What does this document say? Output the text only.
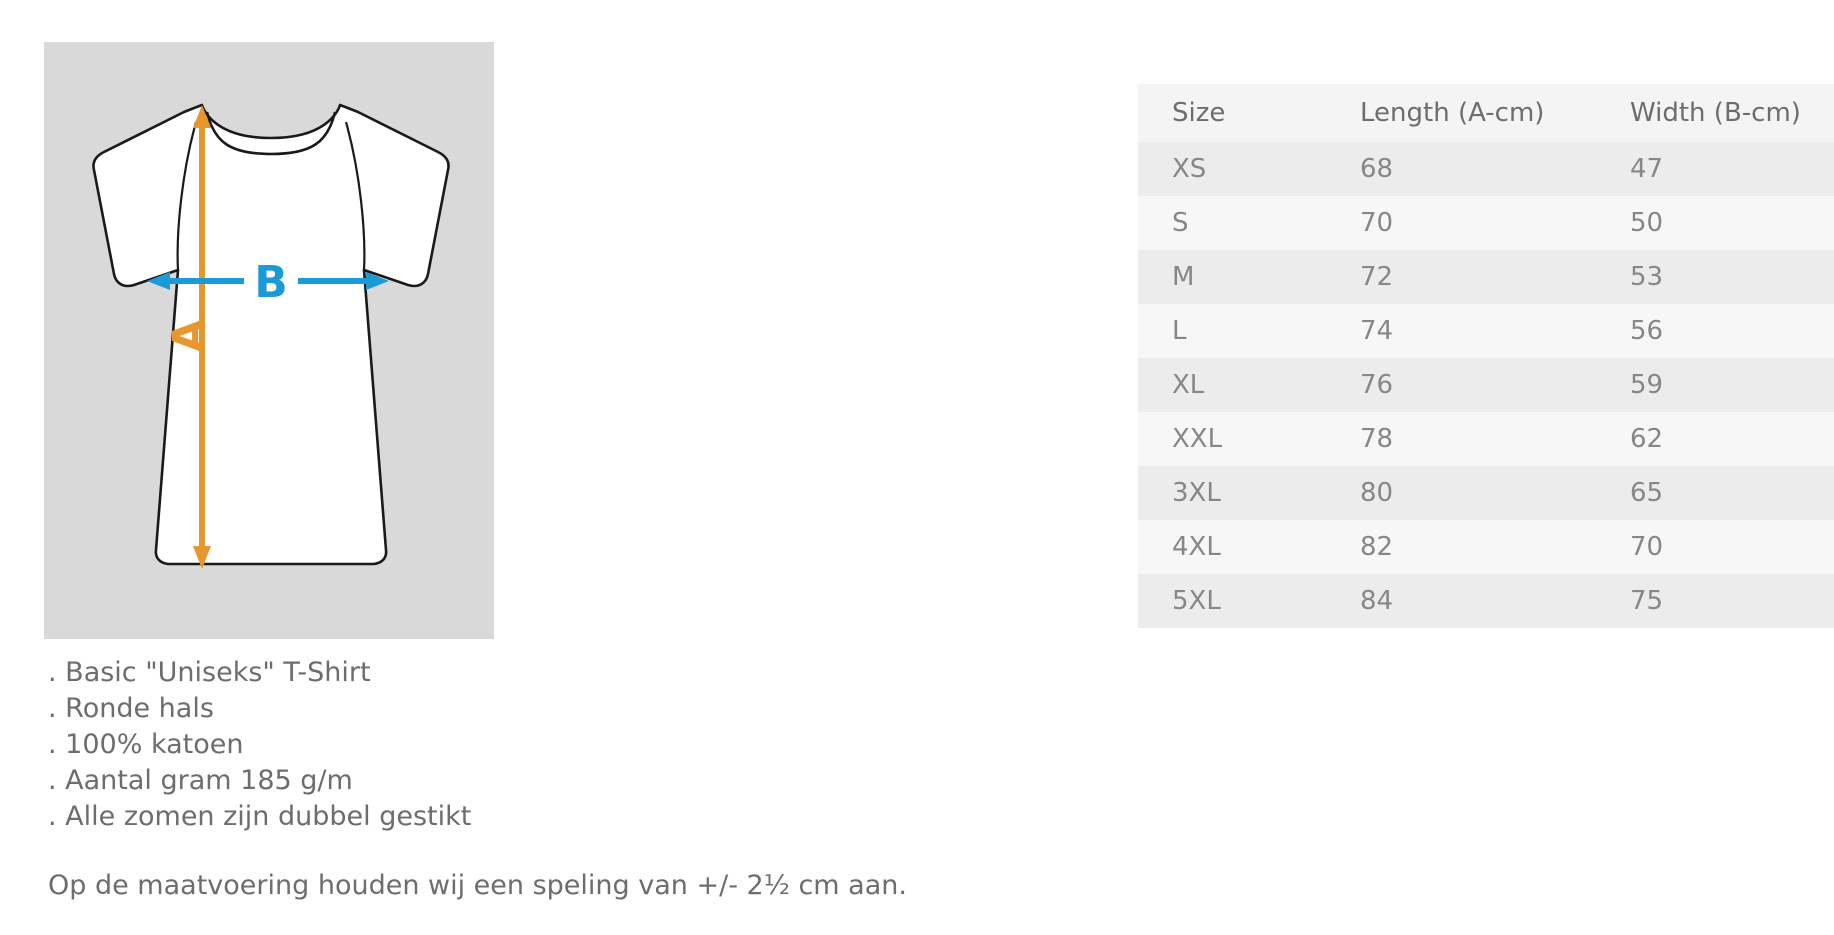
A
B
Size	Length (A-cm)	Width (B-cm)
XS	68	47
S	70	50
M	72	53
L	74	56
XL	76	59
XXL	78	62
3XL	80	65
4XL	82	70
5XL	84	75
. Basic "Uniseks" T-Shirt
. Ronde hals
. 100% katoen
. Aantal gram 185 g/m
. Alle zomen zijn dubbel gestikt
Op de maatvoering houden wij een speling van +/- 2½ cm aan.
